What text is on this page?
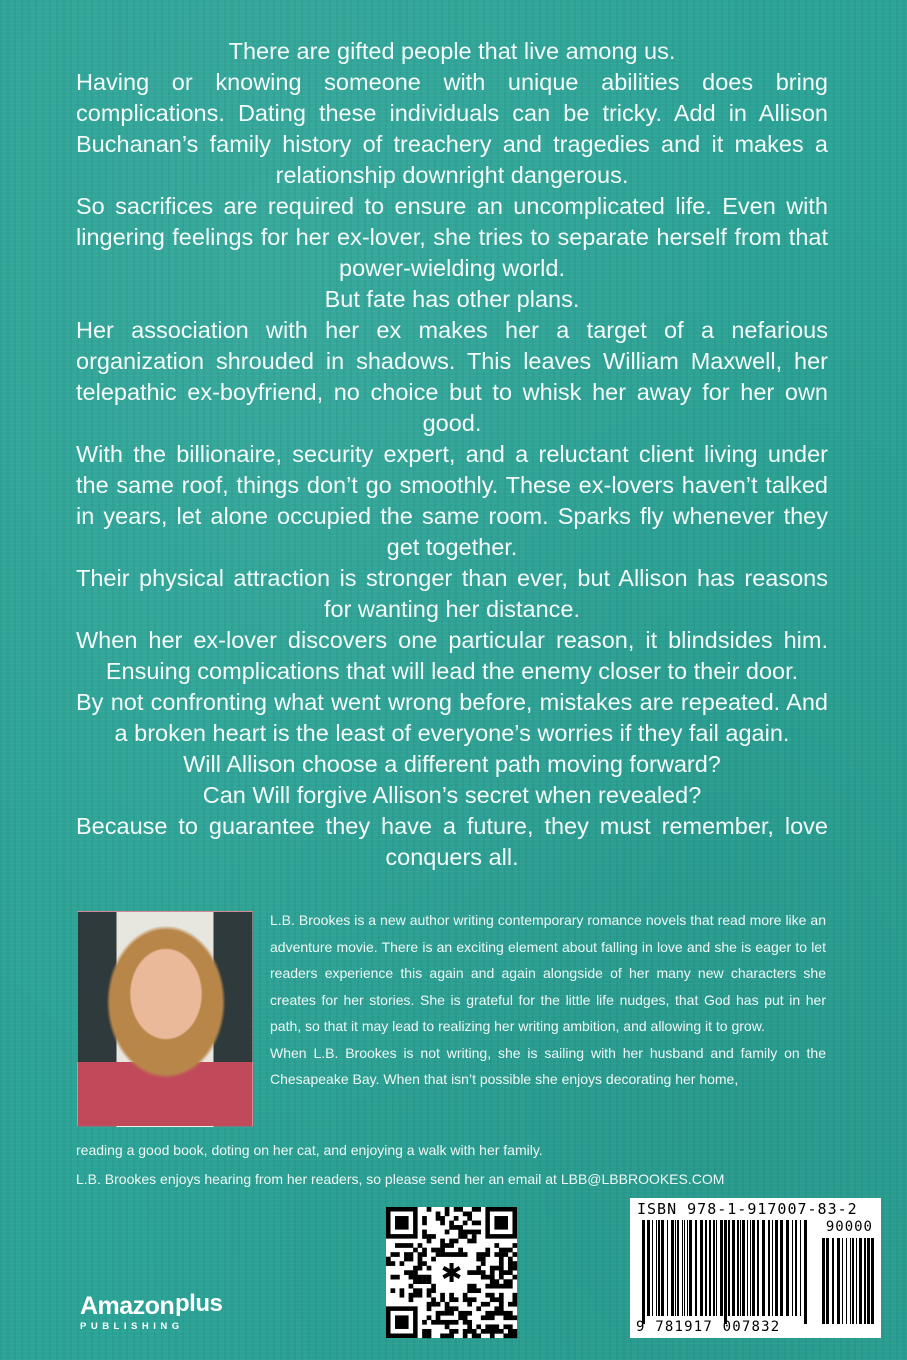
There are gifted people that live among us.

Having or knowing someone with unique abilities does bring complications. Dating these individuals can be tricky. Add in Allison Buchanan’s family history of treachery and tragedies and it makes a relationship downright dangerous.

So sacrifices are required to ensure an uncomplicated life. Even with lingering feelings for her ex-lover, she tries to separate herself from that power-wielding world.

But fate has other plans.

Her association with her ex makes her a target of a nefarious organization shrouded in shadows. This leaves William Maxwell, her telepathic ex-boyfriend, no choice but to whisk her away for her own good.

With the billionaire, security expert, and a reluctant client living under the same roof, things don’t go smoothly. These ex-lovers haven’t talked in years, let alone occupied the same room. Sparks fly whenever they get together.

Their physical attraction is stronger than ever, but Allison has reasons for wanting her distance.

When her ex-lover discovers one particular reason, it blindsides him. Ensuing complications that will lead the enemy closer to their door.

By not confronting what went wrong before, mistakes are repeated. And a broken heart is the least of everyone’s worries if they fail again.

Will Allison choose a different path moving forward?

Can Will forgive Allison’s secret when revealed?

Because to guarantee they have a future, they must remember, love conquers all.

L.B. Brookes is a new author writing contemporary romance novels that read more like an adventure movie. There is an exciting element about falling in love and she is eager to let readers experience this again and again alongside of her many new characters she creates for her stories. She is grateful for the little life nudges, that God has put in her path, so that it may lead to realizing her writing ambition, and allowing it to grow.

When L.B. Brookes is not writing, she is sailing with her husband and family on the Chesapeake Bay. When that isn’t possible she enjoys decorating her home,

reading a good book, doting on her cat, and enjoying a walk with her family.

L.B. Brookes enjoys hearing from her readers, so please send her an email at LBB@LBBROOKES.COM

Amazon plus
PUBLISHING
✱
ISBN 978-1-917007-83-2
90000
9 781917 007832
